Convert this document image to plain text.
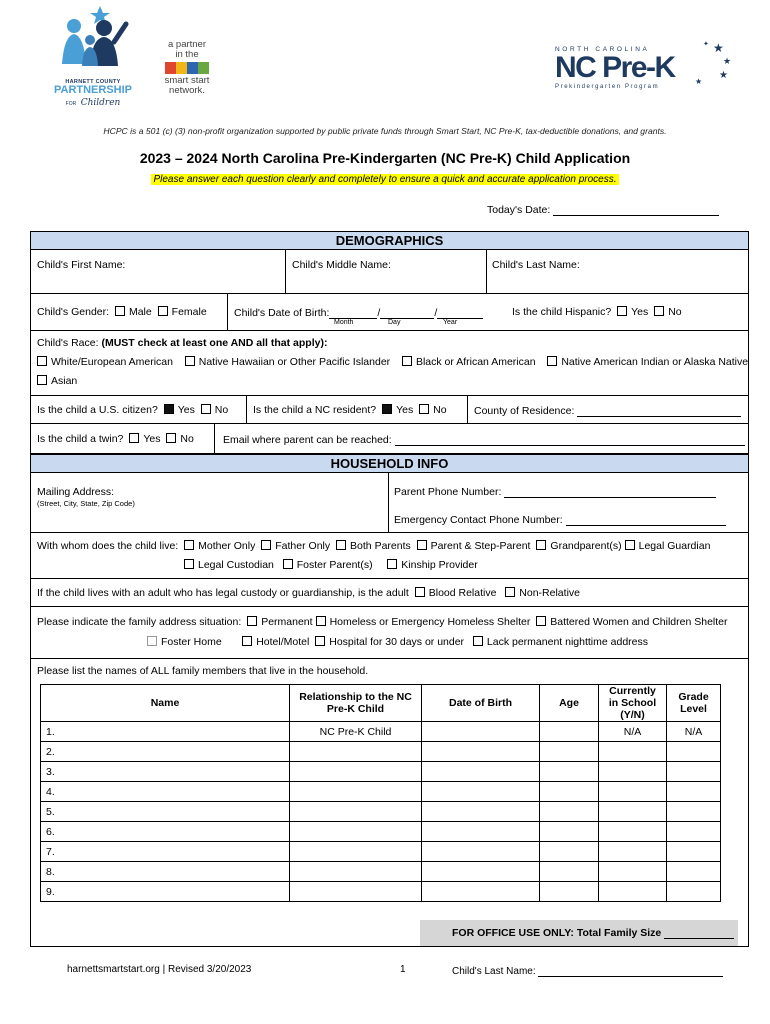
HARNETT COUNTY
PARTNERSHIP
FOR Children
a partner
in the
smart start
network.
NORTH CAROLINA
NC Pre-K
Prekindergarten Program
★
★
★
✦
★
HCPC is a 501 (c) (3) non-profit organization supported by public private funds through Smart Start, NC Pre-K, tax-deductible donations, and grants.
2023 – 2024 North Carolina Pre-Kindergarten (NC Pre-K) Child Application
Please answer each question clearly and completely to ensure a quick and accurate application process.
Today's Date:
DEMOGRAPHICS
Child's First Name:	Child's Middle Name:	Child's Last Name:
Child's Gender: Male Female	Child's Date of Birth:	/	/
Month	Day	Year
Is the child Hispanic? Yes No
Child's Race: (MUST check at least one AND all that apply):
White/European American Native Hawaiian or Other Pacific Islander Black or African American Native American Indian or Alaska Native
Asian
Is the child a U.S. citizen? Yes No Is the child a NC resident? Yes No	County of Residence:
Is the child a twin? Yes No	Email where parent can be reached:
HOUSEHOLD INFO
Mailing Address:
(Street, City, State, Zip Code)
Parent Phone Number:
Emergency Contact Phone Number:
With whom does the child live: Mother Only Father Only Both Parents Parent & Step-Parent Grandparent(s) Legal Guardian
Legal Custodian Foster Parent(s)	Kinship Provider
If the child lives with an adult who has legal custody or guardianship, is the adult Blood Relative Non-Relative
Please indicate the family address situation: Permanent Homeless or Emergency Homeless Shelter Battered Women and Children Shelter
Foster Home	Hotel/Motel Hospital for 30 days or under Lack permanent nighttime address
Please list the names of ALL family members that live in the household.
Name	Relationship to the NC Pre-K Child	Date of Birth	Age	Currently in School (Y/N)	Grade Level
1.	NC Pre-K Child			N/A	N/A
2.					
3.					
4.					
5.					
6.					
7.					
8.					
9.					
FOR OFFICE USE ONLY: Total Family Size
harnettsmartstart.org | Revised 3/20/2023	1	Child's Last Name:
